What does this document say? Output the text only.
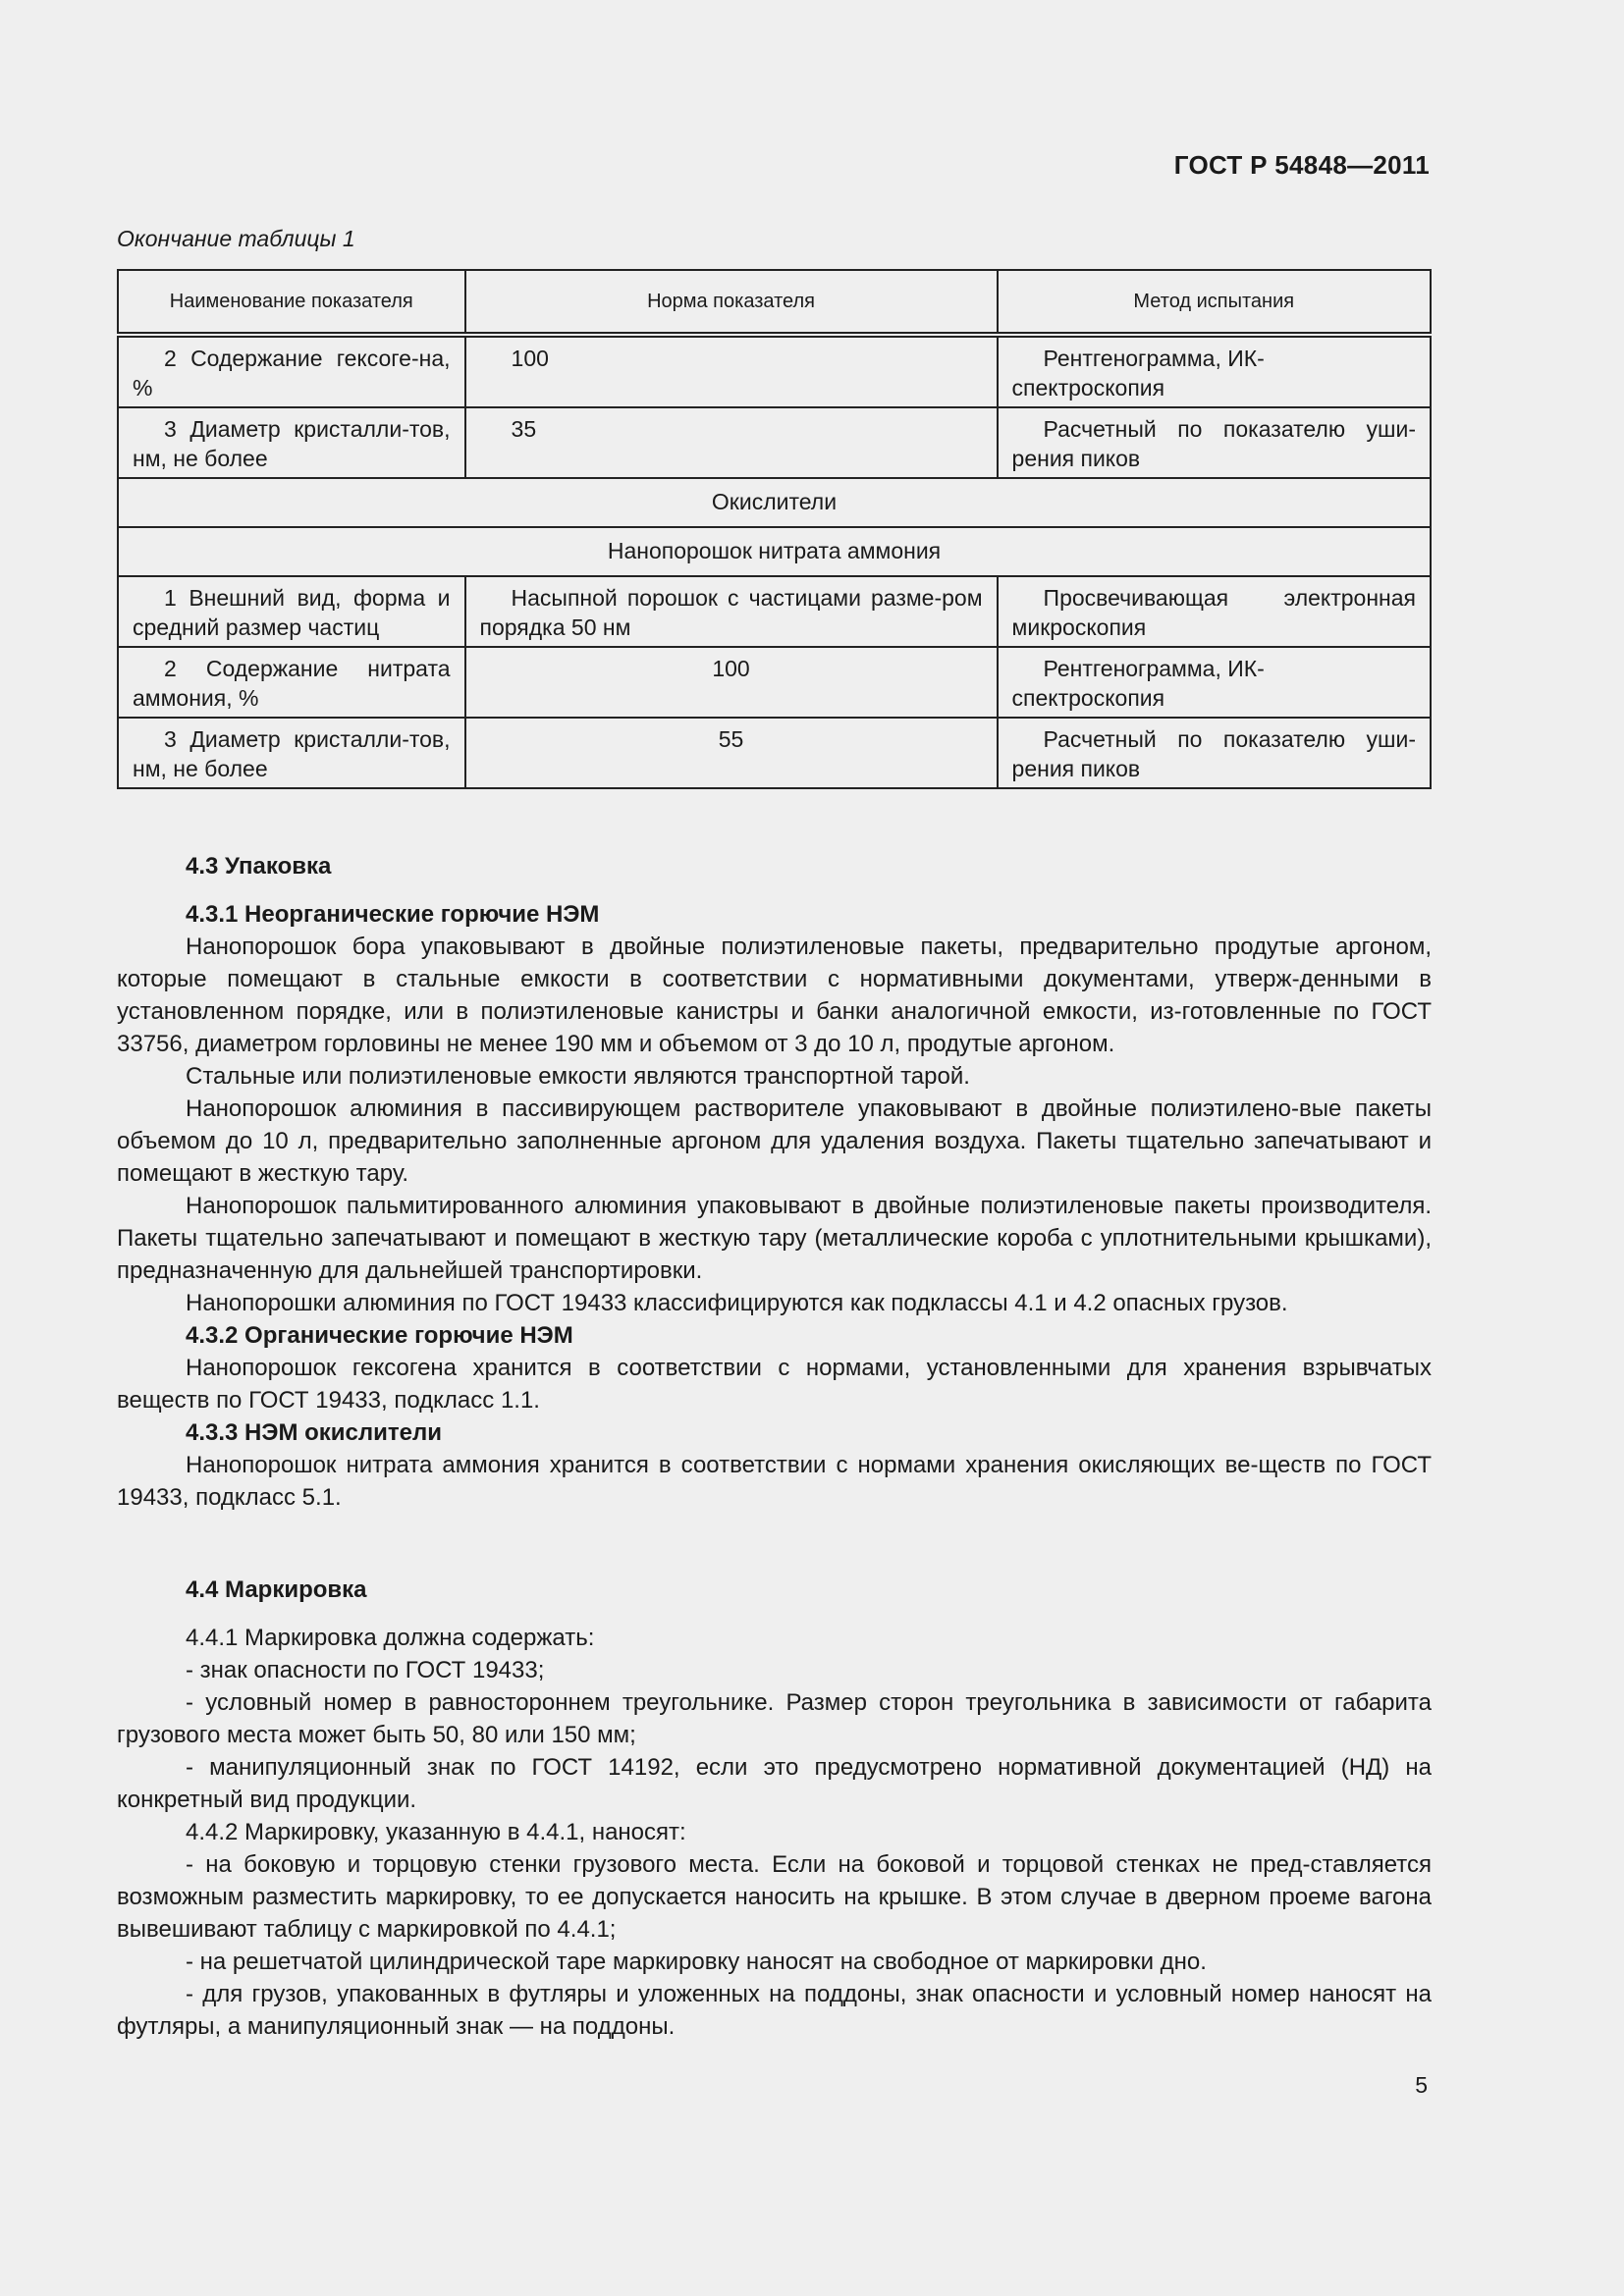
ГОСТ Р 54848—2011
Окончание таблицы 1
Наименование показателя	Норма показателя	Метод испытания
2 Содержание гексоге-на, %	100	Рентгенограмма, ИК-спектроскопия
3 Диаметр кристалли-тов, нм, не более	35	Расчетный по показателю уши-рения пиков
Окислители		
Нанопорошок нитрата аммония		
1 Внешний вид, форма и средний размер частиц	Насыпной порошок с частицами разме-ром порядка 50 нм	Просвечивающая электронная микроскопия
2 Содержание нитрата аммония, %	100	Рентгенограмма, ИК-спектроскопия
3 Диаметр кристалли-тов, нм, не более	55	Расчетный по показателю уши-рения пиков

4.3 Упаковка

4.3.1 Неорганические горючие НЭМ

Нанопорошок бора упаковывают в двойные полиэтиленовые пакеты, предварительно продутые аргоном, которые помещают в стальные емкости в соответствии с нормативными документами, утверж-денными в установленном порядке, или в полиэтиленовые канистры и банки аналогичной емкости, из-готовленные по ГОСТ 33756, диаметром горловины не менее 190 мм и объемом от 3 до 10 л, продутые аргоном.

Стальные или полиэтиленовые емкости являются транспортной тарой.

Нанопорошок алюминия в пассивирующем растворителе упаковывают в двойные полиэтилено-вые пакеты объемом до 10 л, предварительно заполненные аргоном для удаления воздуха. Пакеты тщательно запечатывают и помещают в жесткую тару.

Нанопорошок пальмитированного алюминия упаковывают в двойные полиэтиленовые пакеты производителя. Пакеты тщательно запечатывают и помещают в жесткую тару (металлические короба с уплотнительными крышками), предназначенную для дальнейшей транспортировки.

Нанопорошки алюминия по ГОСТ 19433 классифицируются как подклассы 4.1 и 4.2 опасных грузов.

4.3.2 Органические горючие НЭМ

Нанопорошок гексогена хранится в соответствии с нормами, установленными для хранения взрывчатых веществ по ГОСТ 19433, подкласс 1.1.

4.3.3 НЭМ окислители

Нанопорошок нитрата аммония хранится в соответствии с нормами хранения окисляющих ве-ществ по ГОСТ 19433, подкласс 5.1.

4.4 Маркировка

4.4.1 Маркировка должна содержать:

- знак опасности по ГОСТ 19433;

- условный номер в равностороннем треугольнике. Размер сторон треугольника в зависимости от габарита грузового места может быть 50, 80 или 150 мм;

- манипуляционный знак по ГОСТ 14192, если это предусмотрено нормативной документацией (НД) на конкретный вид продукции.

4.4.2 Маркировку, указанную в 4.4.1, наносят:

- на боковую и торцовую стенки грузового места. Если на боковой и торцовой стенках не пред-ставляется возможным разместить маркировку, то ее допускается наносить на крышке. В этом случае в дверном проеме вагона вывешивают таблицу с маркировкой по 4.4.1;

- на решетчатой цилиндрической таре маркировку наносят на свободное от маркировки дно.

- для грузов, упакованных в футляры и уложенных на поддоны, знак опасности и условный номер наносят на футляры, а манипуляционный знак — на поддоны.

5
